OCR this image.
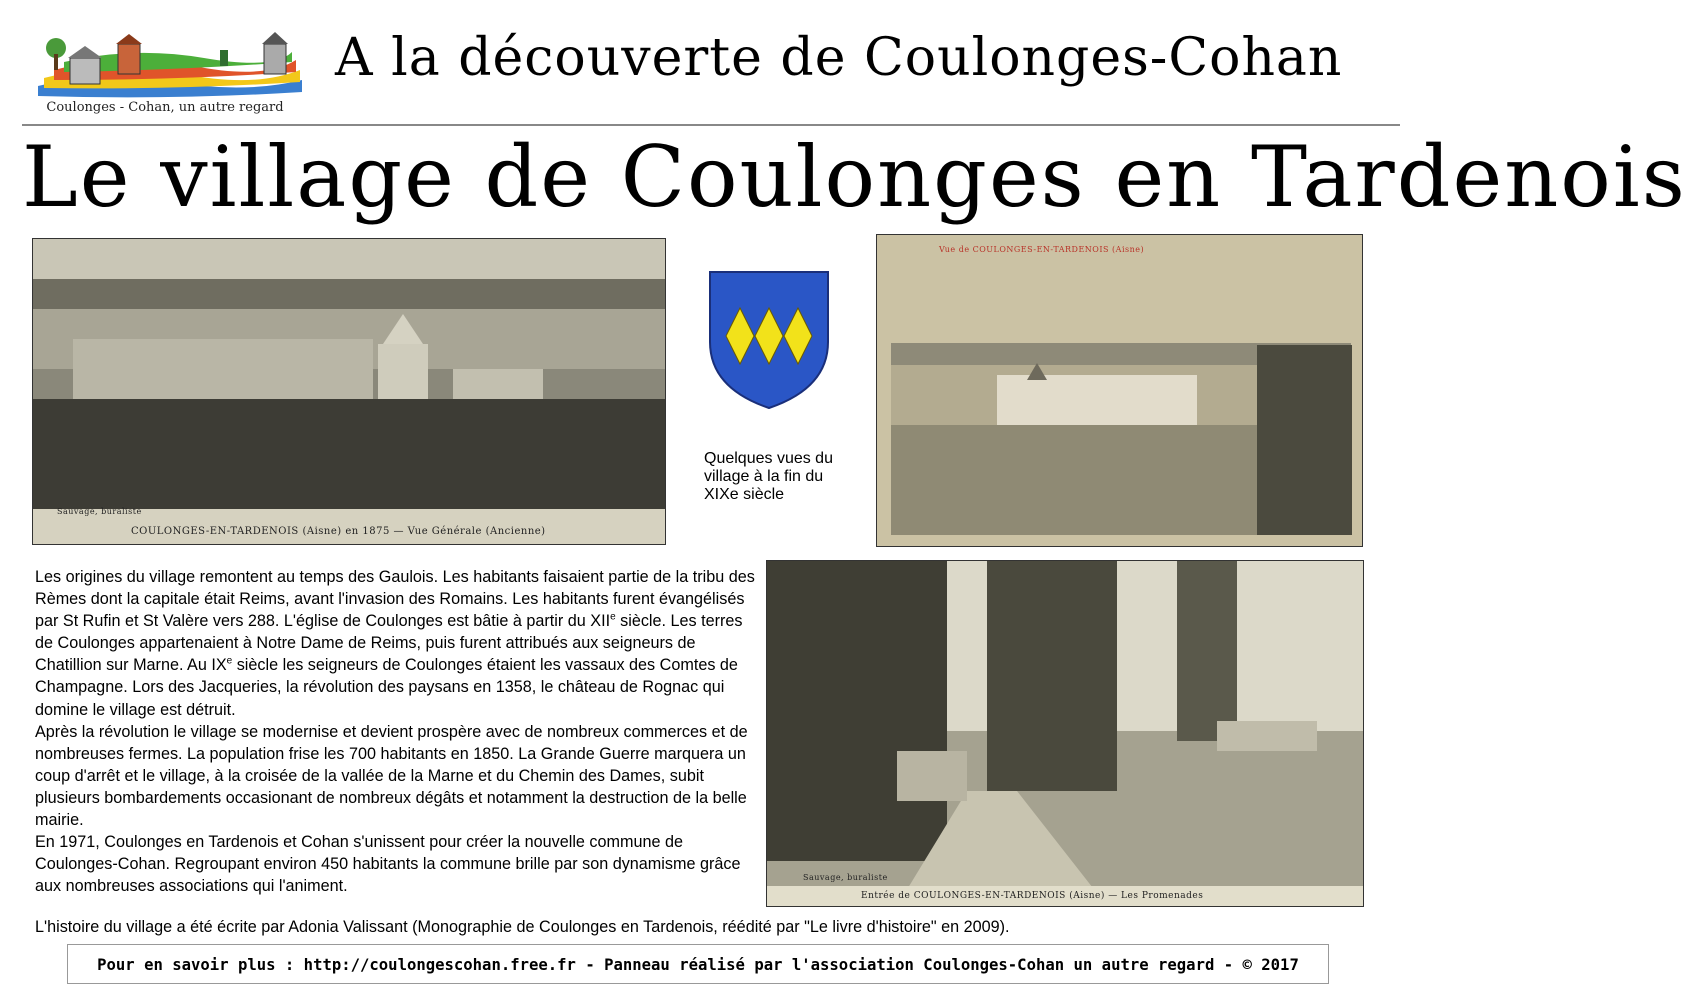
Coulonges - Cohan, un autre regard
A la découverte de Coulonges-Cohan
Le village de Coulonges en Tardenois
Sauvage, buraliste
COULONGES-EN-TARDENOIS (Aisne) en 1875 — Vue Générale (Ancienne)
Quelques vues du village à la fin du XIXe siècle
Vue de COULONGES-EN-TARDENOIS (Aisne)

Les origines du village remontent au temps des Gaulois. Les habitants faisaient partie de la tribu des Rèmes dont la capitale était Reims, avant l'invasion des Romains. Les habitants furent évangélisés par St Rufin et St Valère vers 288. L'église de Coulonges est bâtie à partir du XIIe siècle. Les terres de Coulonges appartenaient à Notre Dame de Reims, puis furent attribués aux seigneurs de Chatillion sur Marne. Au IXe siècle les seigneurs de Coulonges étaient les vassaux des Comtes de Champagne. Lors des Jacqueries, la révolution des paysans en 1358, le château de Rognac qui domine le village est détruit.

Après la révolution le village se modernise et devient prospère avec de nombreux commerces et de nombreuses fermes. La population frise les 700 habitants en 1850. La Grande Guerre marquera un coup d'arrêt et le village, à la croisée de la vallée de la Marne et du Chemin des Dames, subit plusieurs bombardements occasionant de nombreux dégâts et notamment la destruction de la belle mairie.

En 1971, Coulonges en Tardenois et Cohan s'unissent pour créer la nouvelle commune de Coulonges-Cohan. Regroupant environ 450 habitants la commune brille par son dynamisme grâce aux nombreuses associations qui l'animent.

L'histoire du village a été écrite par Adonia Valissant (Monographie de Coulonges en Tardenois, réédité par "Le livre d'histoire" en 2009).
Sauvage, buraliste
Entrée de COULONGES-EN-TARDENOIS (Aisne) — Les Promenades
Pour en savoir plus : http://coulongescohan.free.fr - Panneau réalisé par l'association Coulonges-Cohan un autre regard - © 2017
